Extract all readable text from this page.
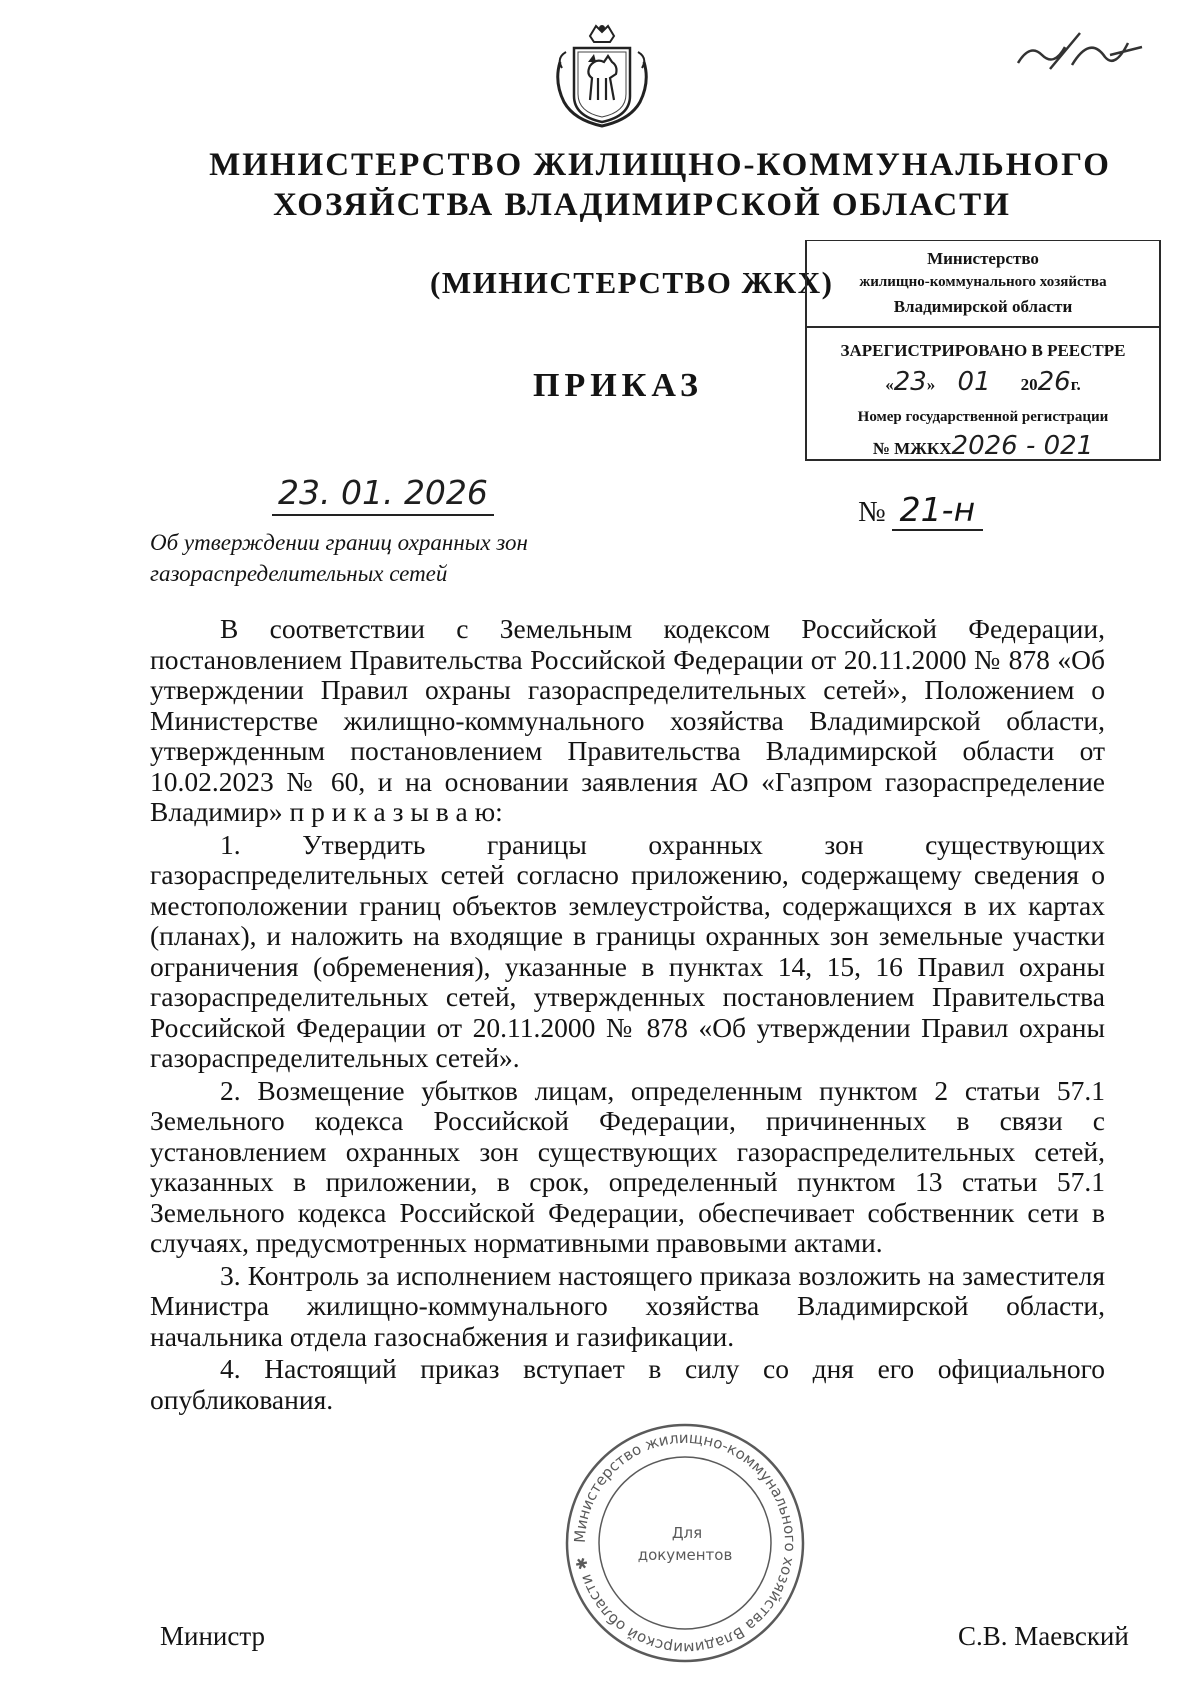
МИНИСТЕРСТВО ЖИЛИЩНО-КОММУНАЛЬНОГО
ХОЗЯЙСТВА ВЛАДИМИРСКОЙ ОБЛАСТИ
(МИНИСТЕРСТВО ЖКХ)
ПРИКАЗ
Министерство
жилищно-коммунального хозяйства
Владимирской области
ЗАРЕГИСТРИРОВАНО В РЕЕСТРЕ
«23» 01 2026г.
Номер государственной регистрации
№ МЖКХ2026 - 021
23. 01. 2026	№ 21-н
Об утверждении границ охранных зон
газораспределительных сетей

В соответствии с Земельным кодексом Российской Федерации, постановлением Правительства Российской Федерации от 20.11.2000 № 878 «Об утверждении Правил охраны газораспределительных сетей», Положением о Министерстве жилищно-коммунального хозяйства Владимирской области, утвержденным постановлением Правительства Владимирской области от 10.02.2023 № 60, и на основании заявления АО «Газпром газораспределение Владимир» п р и к а з ы в а ю:

1. Утвердить границы охранных зон существующих газораспределительных сетей согласно приложению, содержащему сведения о местоположении границ объектов землеустройства, содержащихся в их картах (планах), и наложить на входящие в границы охранных зон земельные участки ограничения (обременения), указанные в пунктах 14, 15, 16 Правил охраны газораспределительных сетей, утвержденных постановлением Правительства Российской Федерации от 20.11.2000 № 878 «Об утверждении Правил охраны газораспределительных сетей».

2. Возмещение убытков лицам, определенным пунктом 2 статьи 57.1 Земельного кодекса Российской Федерации, причиненных в связи с установлением охранных зон существующих газораспределительных сетей, указанных в приложении, в срок, определенный пунктом 13 статьи 57.1 Земельного кодекса Российской Федерации, обеспечивает собственник сети в случаях, предусмотренных нормативными правовыми актами.

3. Контроль за исполнением настоящего приказа возложить на заместителя Министра жилищно-коммунального хозяйства Владимирской области, начальника отдела газоснабжения и газификации.

4. Настоящий приказ вступает в силу со дня его официального опубликования.

Министерство жилищно-коммунального хозяйства Владимирской области ✱
Для
документов
Министр	С.В. Маевский
